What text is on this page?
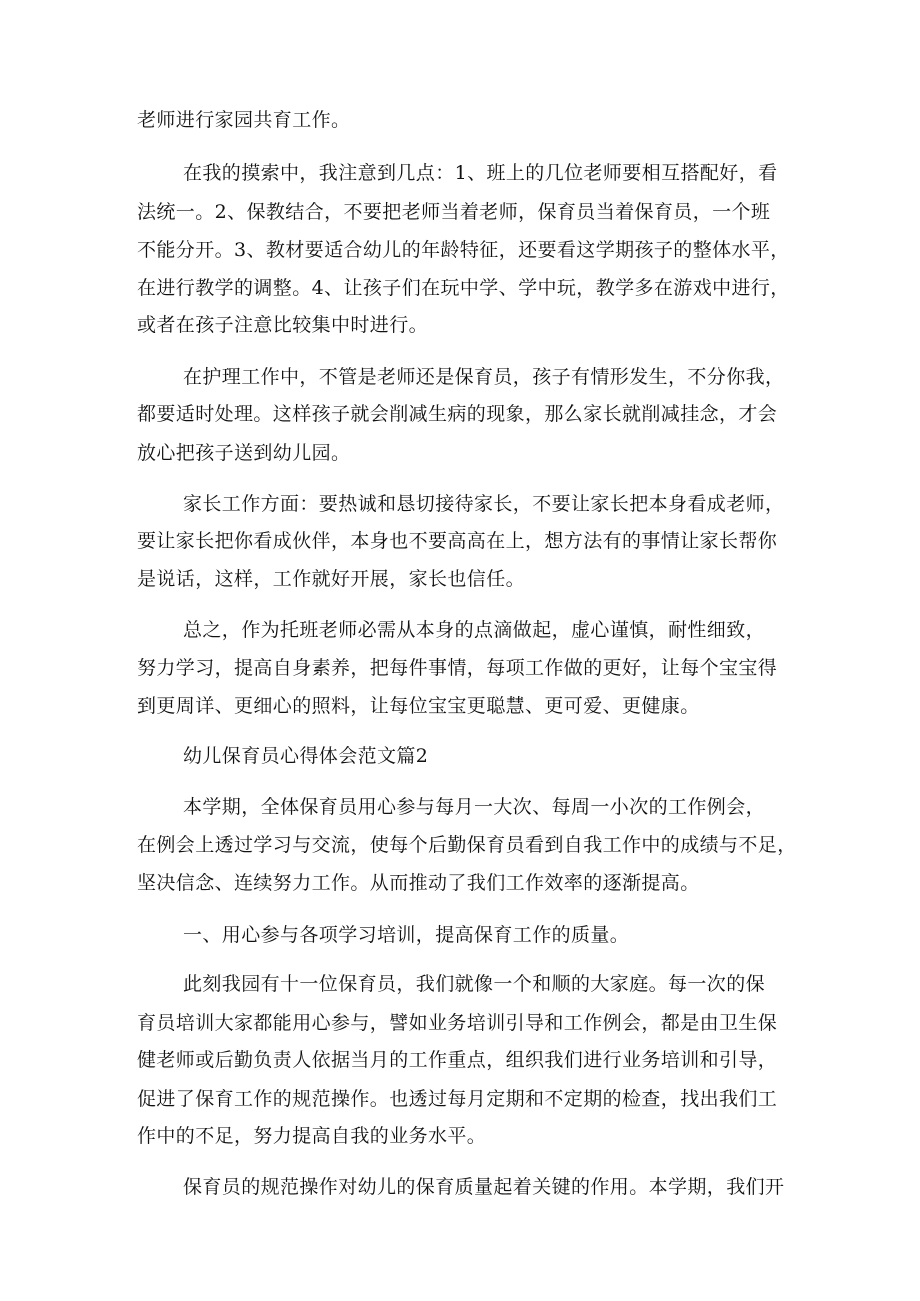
老师进行家园共育工作。
在我的摸索中，我注意到几点：1、班上的几位老师要相互搭配好，看
法统一。2、保教结合，不要把老师当着老师，保育员当着保育员，一个班
不能分开。3、教材要适合幼儿的年龄特征，还要看这学期孩子的整体水平，
在进行教学的调整。4、让孩子们在玩中学、学中玩，教学多在游戏中进行，
或者在孩子注意比较集中时进行。
在护理工作中，不管是老师还是保育员，孩子有情形发生，不分你我，
都要适时处理。这样孩子就会削减生病的现象，那么家长就削减挂念，才会
放心把孩子送到幼儿园。
家长工作方面：要热诚和恳切接待家长，不要让家长把本身看成老师，
要让家长把你看成伙伴，本身也不要高高在上，想方法有的事情让家长帮你
是说话，这样，工作就好开展，家长也信任。
总之，作为托班老师必需从本身的点滴做起，虚心谨慎，耐性细致，
努力学习，提高自身素养，把每件事情，每项工作做的更好，让每个宝宝得
到更周详、更细心的照料，让每位宝宝更聪慧、更可爱、更健康。
幼儿保育员心得体会范文篇2
本学期，全体保育员用心参与每月一大次、每周一小次的工作例会，
在例会上透过学习与交流，使每个后勤保育员看到自我工作中的成绩与不足，
坚决信念、连续努力工作。从而推动了我们工作效率的逐渐提高。
一、用心参与各项学习培训，提高保育工作的质量。
此刻我园有十一位保育员，我们就像一个和顺的大家庭。每一次的保
育员培训大家都能用心参与，譬如业务培训引导和工作例会，都是由卫生保
健老师或后勤负责人依据当月的工作重点，组织我们进行业务培训和引导，
促进了保育工作的规范操作。也透过每月定期和不定期的检查，找出我们工
作中的不足，努力提高自我的业务水平。
保育员的规范操作对幼儿的保育质量起着关键的作用。本学期，我们开
